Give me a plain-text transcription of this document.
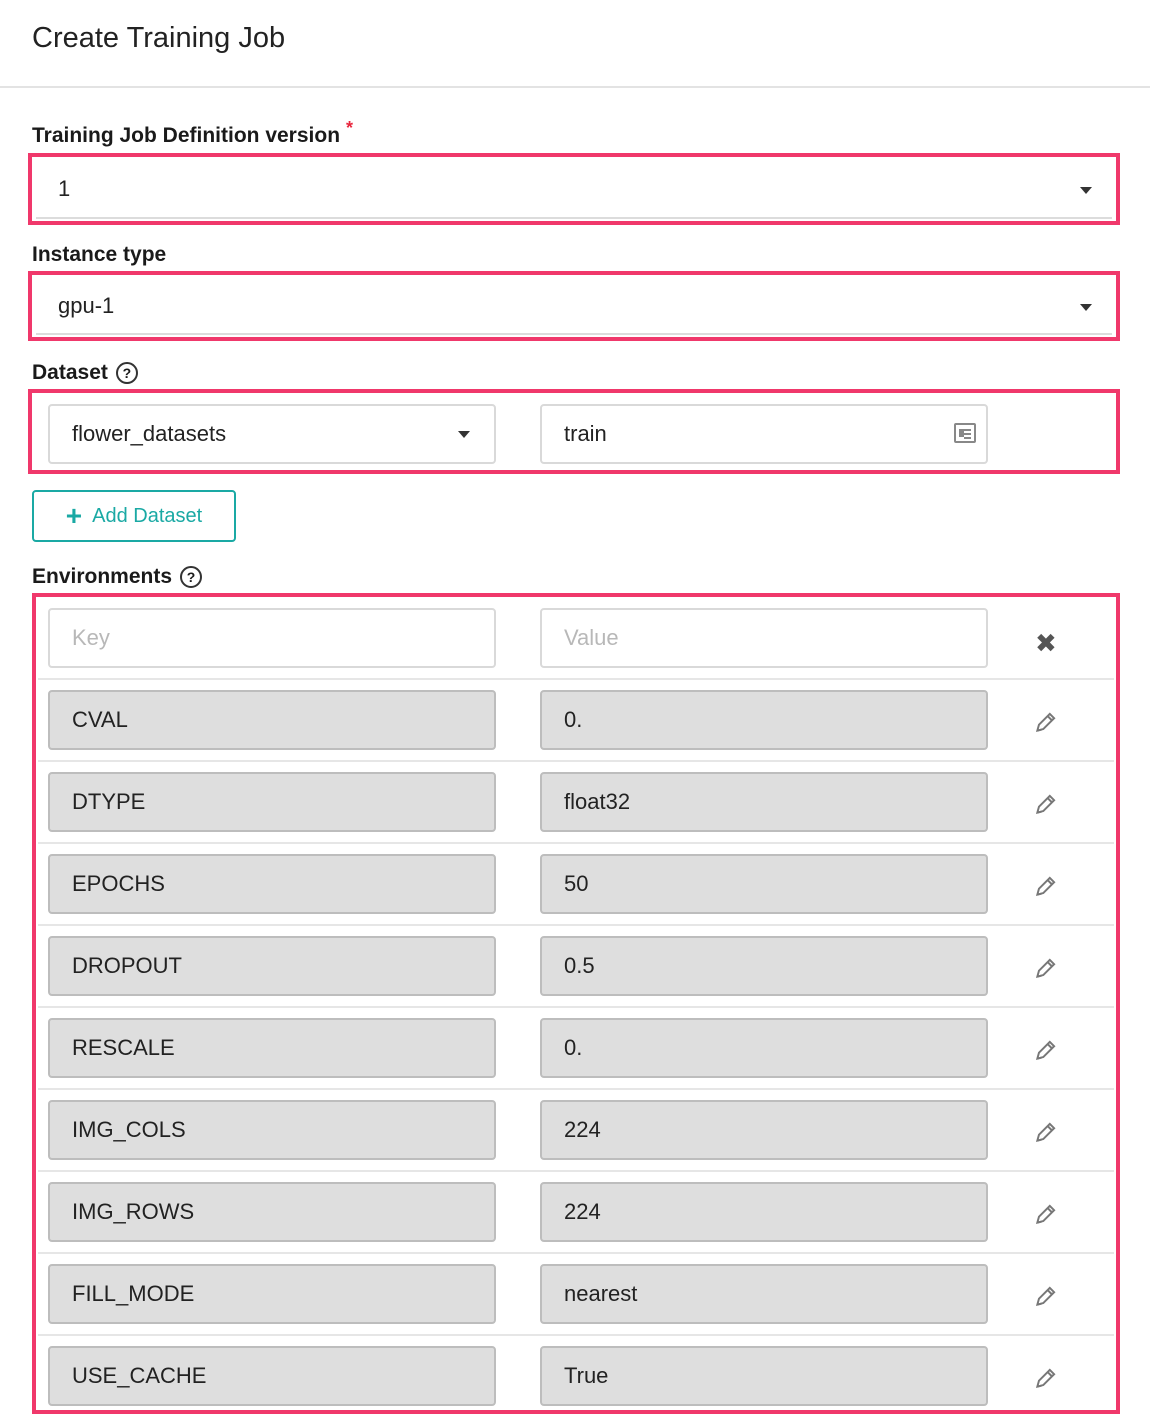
Create Training Job
Training Job Definition version *
1
Instance type
gpu-1
Dataset	?
flower_datasets	train
+ Add Dataset
Environments	?
Key	Value	✖
CVAL	0.
DTYPE	float32
EPOCHS	50
DROPOUT	0.5
RESCALE	0.
IMG_COLS	224
IMG_ROWS	224
FILL_MODE	nearest
USE_CACHE	True
